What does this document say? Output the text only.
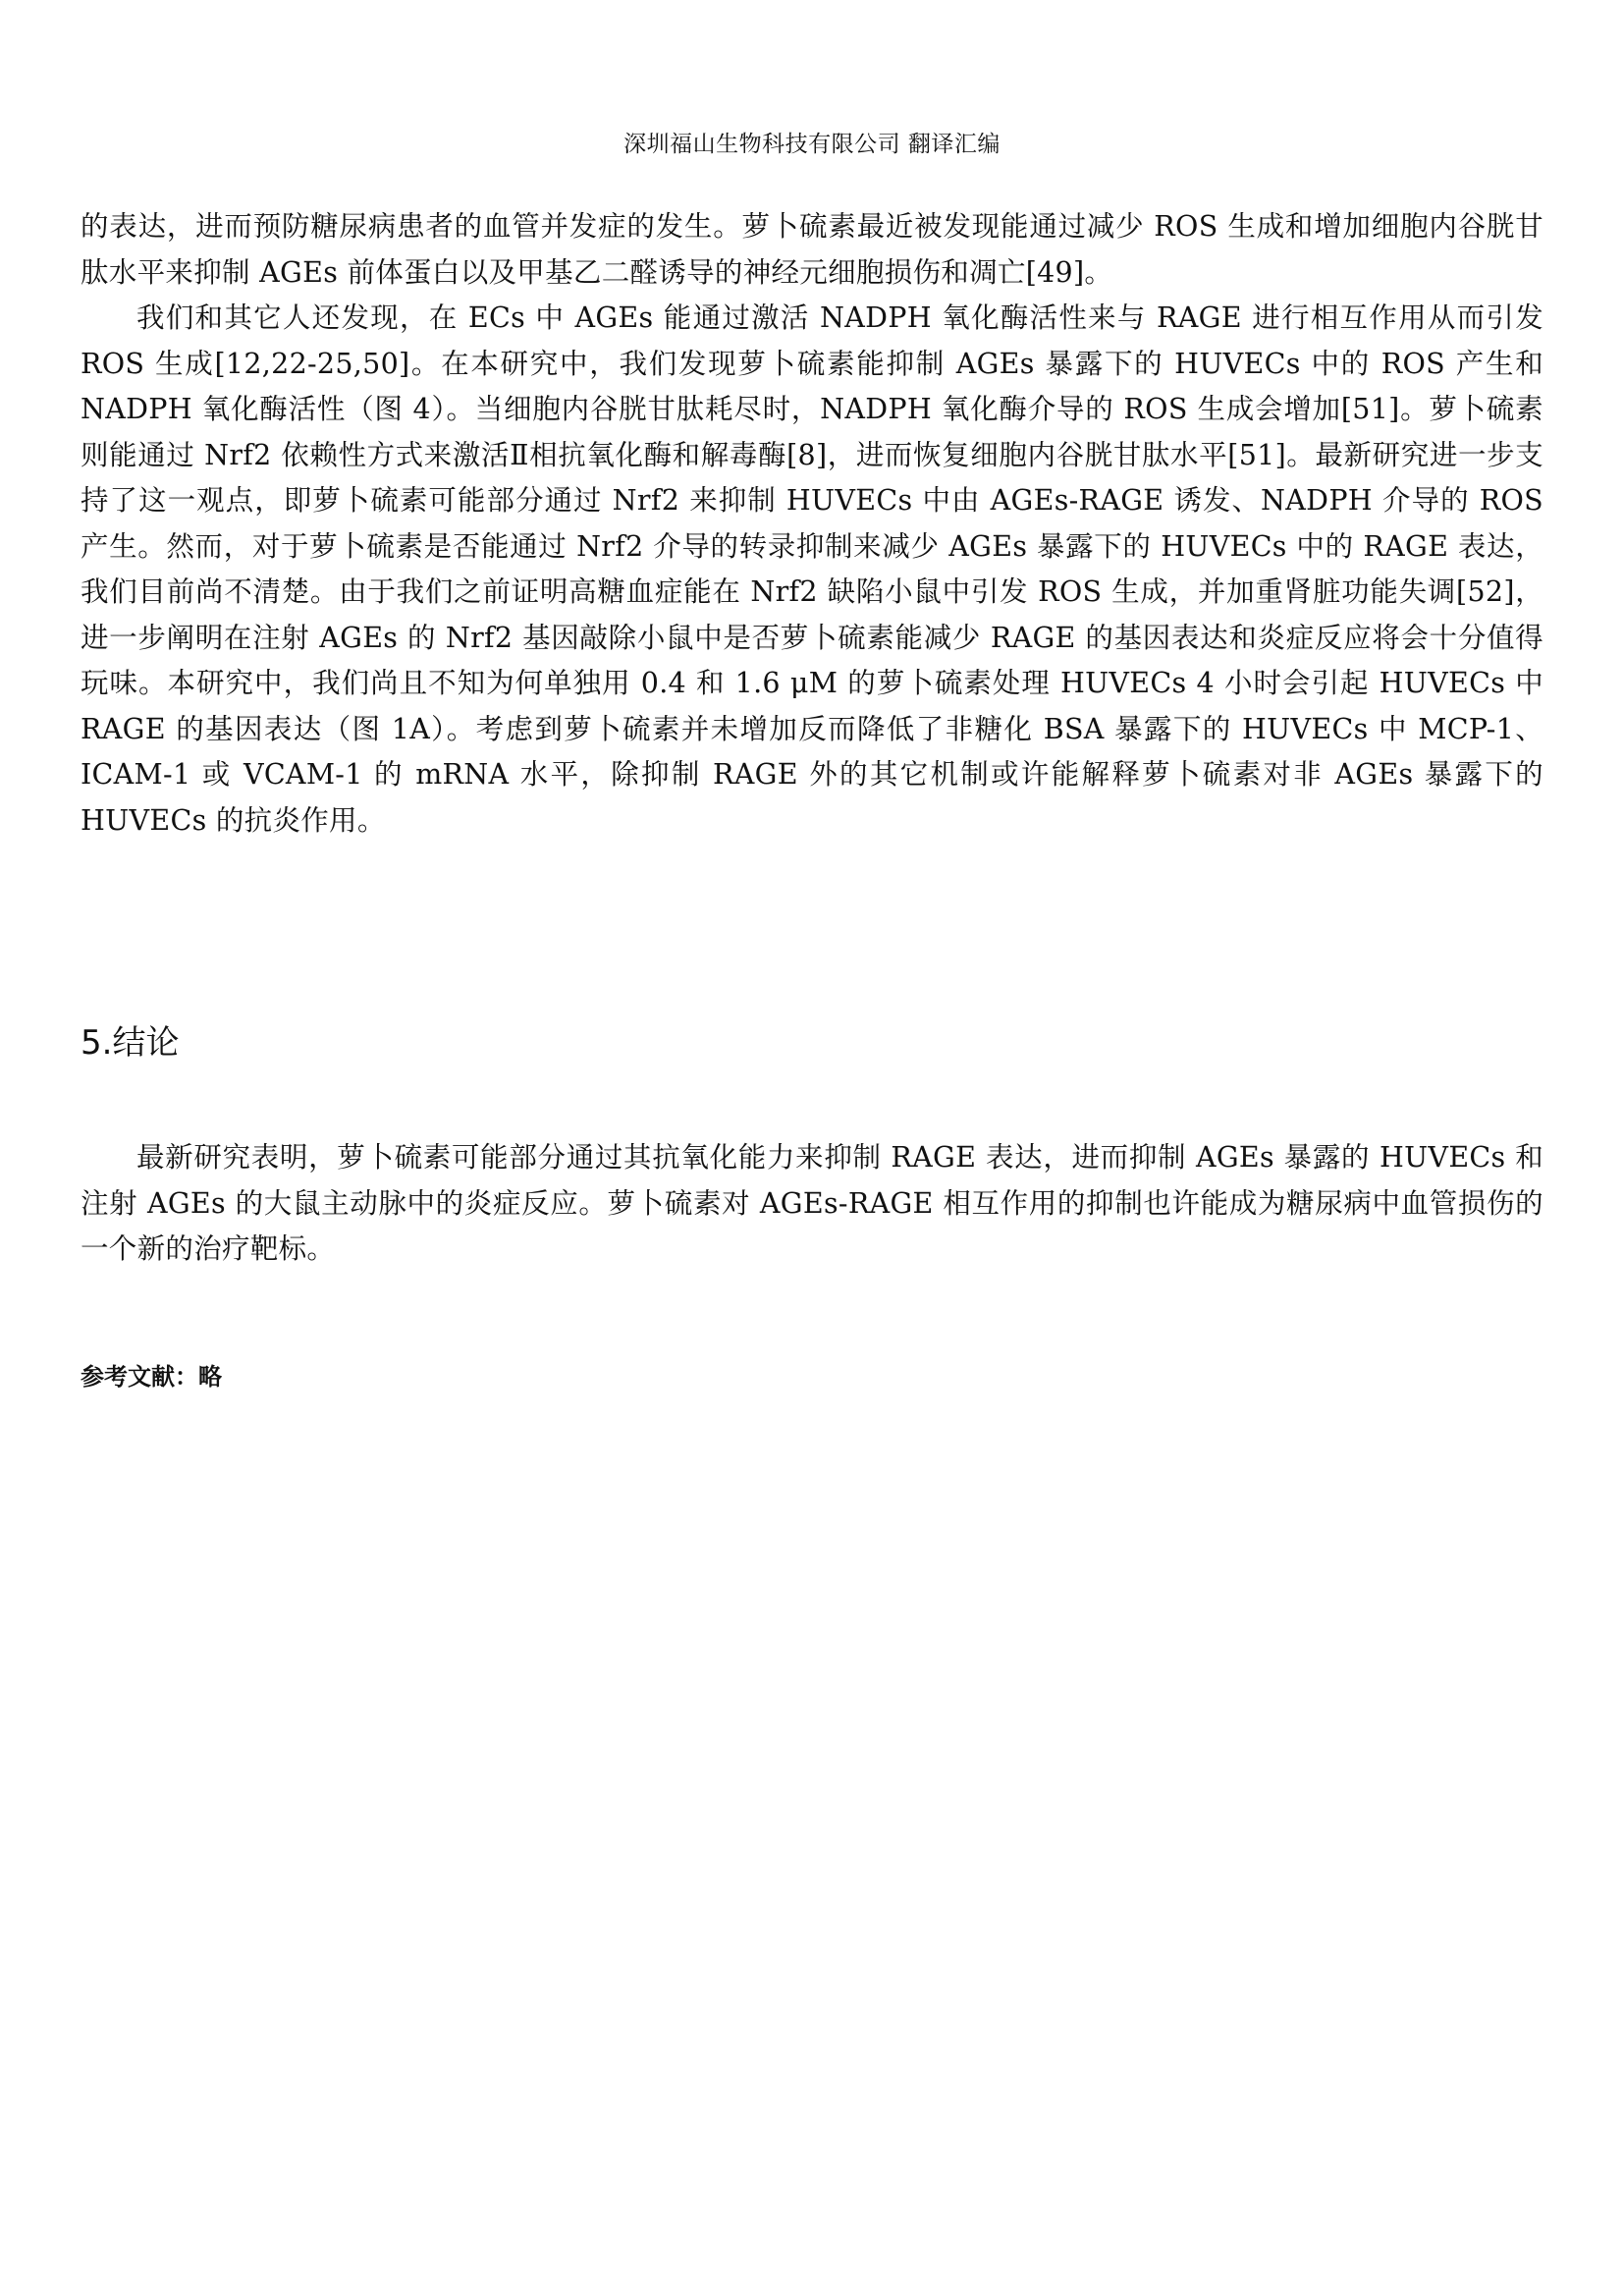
深圳福山生物科技有限公司 翻译汇编

的表达，进而预防糖尿病患者的血管并发症的发生。萝卜硫素最近被发现能通过减少 ROS 生成和增加细胞内谷胱甘肽水平来抑制 AGEs 前体蛋白以及甲基乙二醛诱导的神经元细胞损伤和凋亡[49]。

我们和其它人还发现，在 ECs 中 AGEs 能通过激活 NADPH 氧化酶活性来与 RAGE 进行相互作用从而引发 ROS 生成[12,22-25,50]。在本研究中，我们发现萝卜硫素能抑制 AGEs 暴露下的 HUVECs 中的 ROS 产生和 NADPH 氧化酶活性（图 4）。当细胞内谷胱甘肽耗尽时，NADPH 氧化酶介导的 ROS 生成会增加[51]。萝卜硫素则能通过 Nrf2 依赖性方式来激活Ⅱ相抗氧化酶和解毒酶[8]，进而恢复细胞内谷胱甘肽水平[51]。最新研究进一步支持了这一观点，即萝卜硫素可能部分通过 Nrf2 来抑制 HUVECs 中由 AGEs-RAGE 诱发、NADPH 介导的 ROS 产生。然而，对于萝卜硫素是否能通过 Nrf2 介导的转录抑制来减少 AGEs 暴露下的 HUVECs 中的 RAGE 表达，我们目前尚不清楚。由于我们之前证明高糖血症能在 Nrf2 缺陷小鼠中引发 ROS 生成，并加重肾脏功能失调[52]，进一步阐明在注射 AGEs 的 Nrf2 基因敲除小鼠中是否萝卜硫素能减少 RAGE 的基因表达和炎症反应将会十分值得玩味。本研究中，我们尚且不知为何单独用 0.4 和 1.6 μM 的萝卜硫素处理 HUVECs 4 小时会引起 HUVECs 中 RAGE 的基因表达（图 1A）。考虑到萝卜硫素并未增加反而降低了非糖化 BSA 暴露下的 HUVECs 中 MCP-1、ICAM-1 或 VCAM-1 的 mRNA 水平，除抑制 RAGE 外的其它机制或许能解释萝卜硫素对非 AGEs 暴露下的 HUVECs 的抗炎作用。

5.结论

最新研究表明，萝卜硫素可能部分通过其抗氧化能力来抑制 RAGE 表达，进而抑制 AGEs 暴露的 HUVECs 和注射 AGEs 的大鼠主动脉中的炎症反应。萝卜硫素对 AGEs-RAGE 相互作用的抑制也许能成为糖尿病中血管损伤的一个新的治疗靶标。

参考文献：略
